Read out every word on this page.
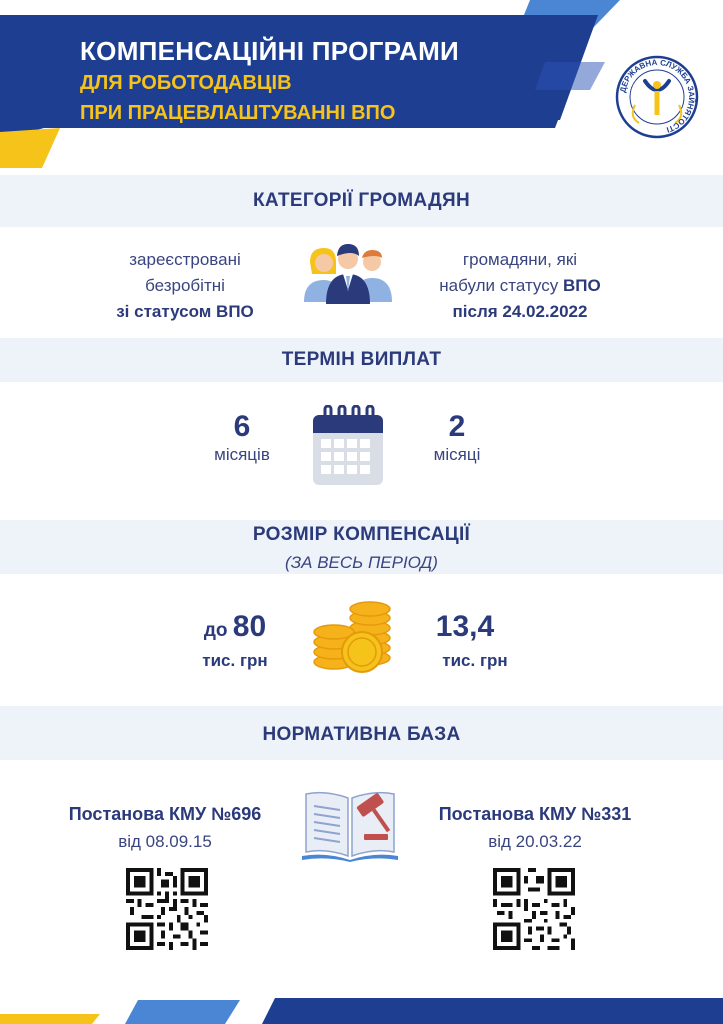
КОМПЕНСАЦІЙНІ ПРОГРАМИ
ДЛЯ РОБОТОДАВЦІВ
ПРИ ПРАЦЕВЛАШТУВАННІ ВПО
ДЕРЖАВНА СЛУЖБА ЗАЙНЯТОСТІ
КАТЕГОРІЇ ГРОМАДЯН
зареєстровані
безробітні
зі статусом ВПО
громадяни, які
набули статусу ВПО
після 24.02.2022
ТЕРМІН ВИПЛАТ
6
місяців
2
місяці
РОЗМІР КОМПЕНСАЦІЇ
(ЗА ВЕСЬ ПЕРІОД)
до 80
тис. грн
13,4
тис. грн
НОРМАТИВНА БАЗА
Постанова КМУ №696
від 08.09.15
Постанова КМУ №331
від 20.03.22
